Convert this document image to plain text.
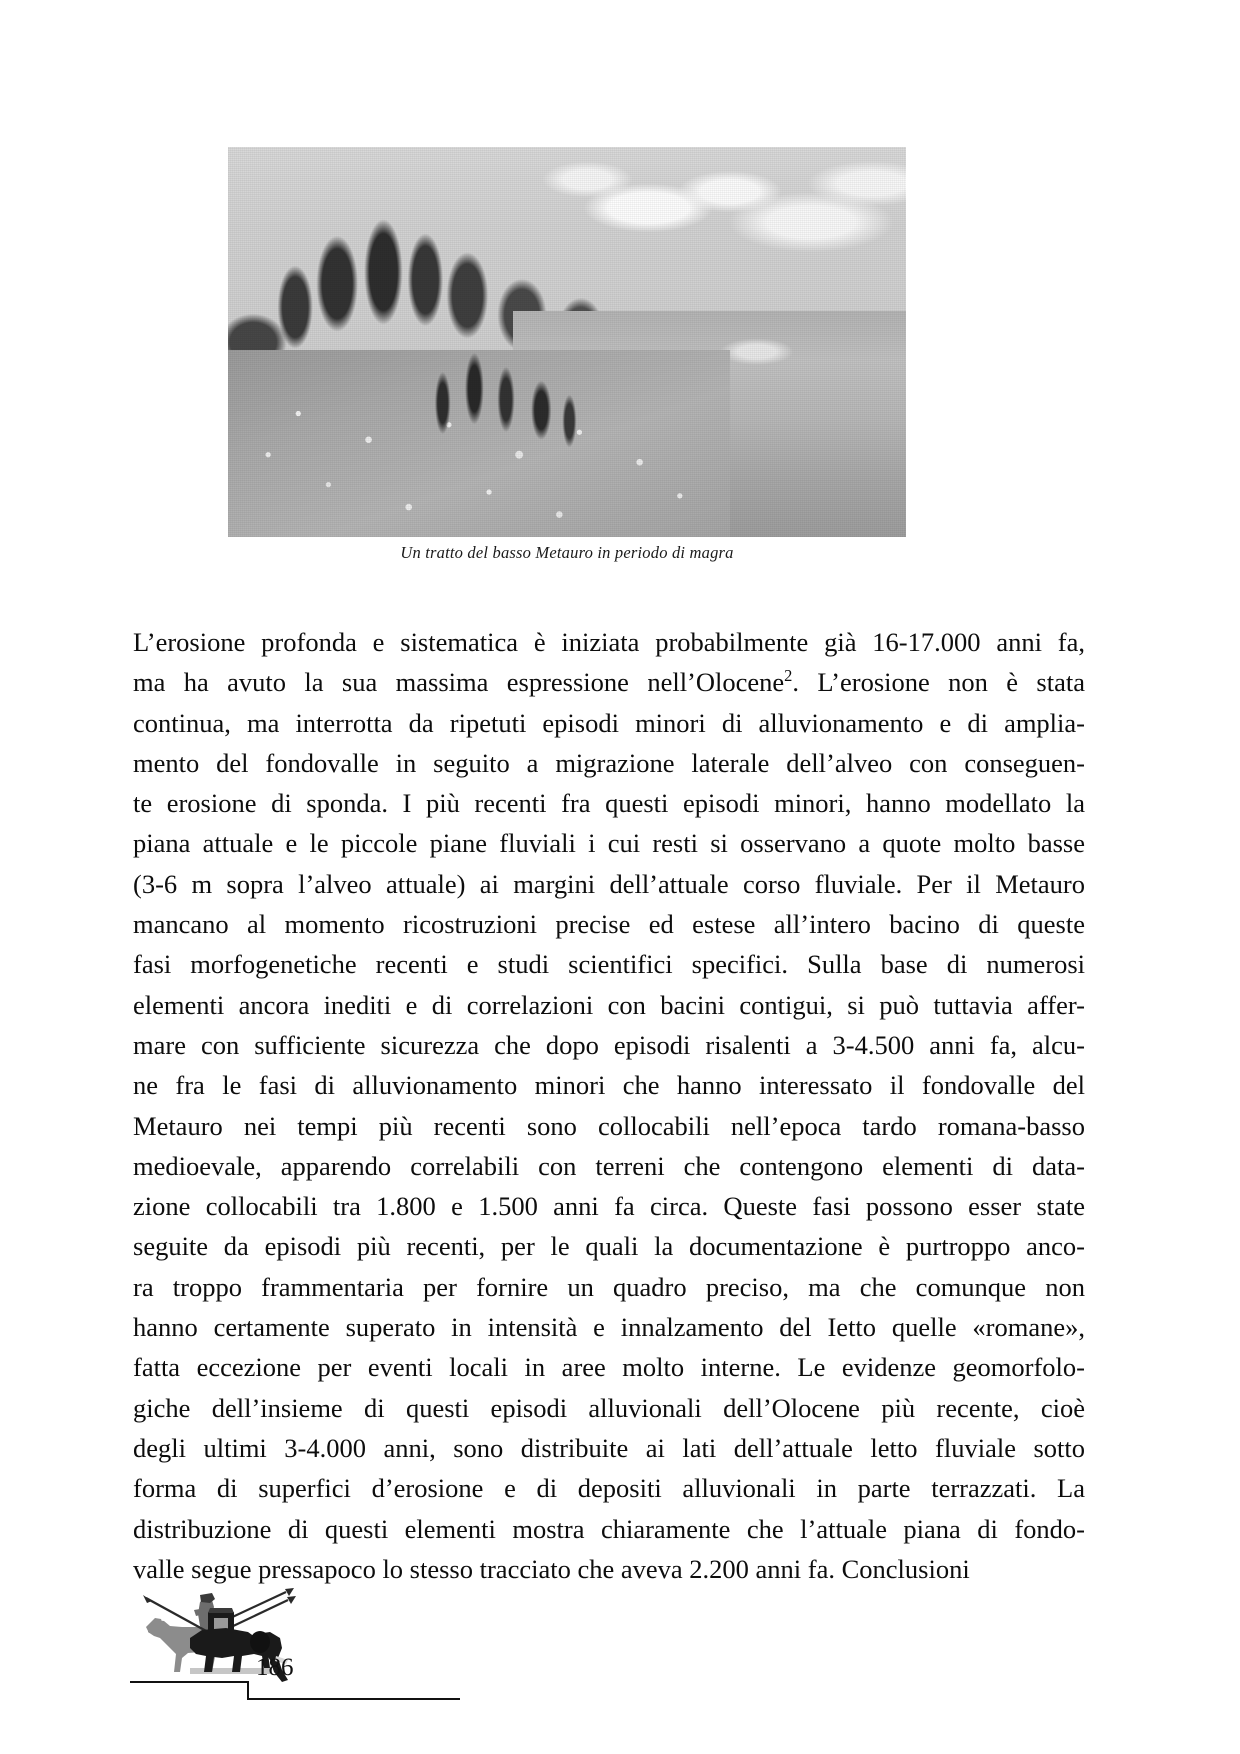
Un tratto del basso Metauro in periodo di magra
L’erosione profonda e sistematica è iniziata probabilmente già 16-17.000 anni fa,
ma ha avuto la sua massima espressione nell’Olocene$^2$. L’erosione non è stata
continua, ma interrotta da ripetuti episodi minori di alluvionamento e di amplia-
mento del fondovalle in seguito a migrazione laterale dell’alveo con conseguen-
te erosione di sponda. I più recenti fra questi episodi minori, hanno modellato la
piana attuale e le piccole piane fluviali i cui resti si osservano a quote molto basse
(3-6 m sopra l’alveo attuale) ai margini dell’attuale corso fluviale. Per il Metauro
mancano al momento ricostruzioni precise ed estese all’intero bacino di queste
fasi morfogenetiche recenti e studi scientifici specifici. Sulla base di numerosi
elementi ancora inediti e di correlazioni con bacini contigui, si può tuttavia affer-
mare con sufficiente sicurezza che dopo episodi risalenti a 3-4.500 anni fa, alcu-
ne fra le fasi di alluvionamento minori che hanno interessato il fondovalle del
Metauro nei tempi più recenti sono collocabili nell’epoca tardo romana-basso
medioevale, apparendo correlabili con terreni che contengono elementi di data-
zione collocabili tra 1.800 e 1.500 anni fa circa. Queste fasi possono esser state
seguite da episodi più recenti, per le quali la documentazione è purtroppo anco-
ra troppo frammentaria per fornire un quadro preciso, ma che comunque non
hanno certamente superato in intensità e innalzamento del Ietto quelle «romane»,
fatta eccezione per eventi locali in aree molto interne. Le evidenze geomorfolo-
giche dell’insieme di questi episodi alluvionali dell’Olocene più recente, cioè
degli ultimi 3-4.000 anni, sono distribuite ai lati dell’attuale letto fluviale sotto
forma di superfici d’erosione e di depositi alluvionali in parte terrazzati. La
distribuzione di questi elementi mostra chiaramente che l’attuale piana di fondo-
valle segue pressapoco lo stesso tracciato che aveva 2.200 anni fa. Conclusioni
186
